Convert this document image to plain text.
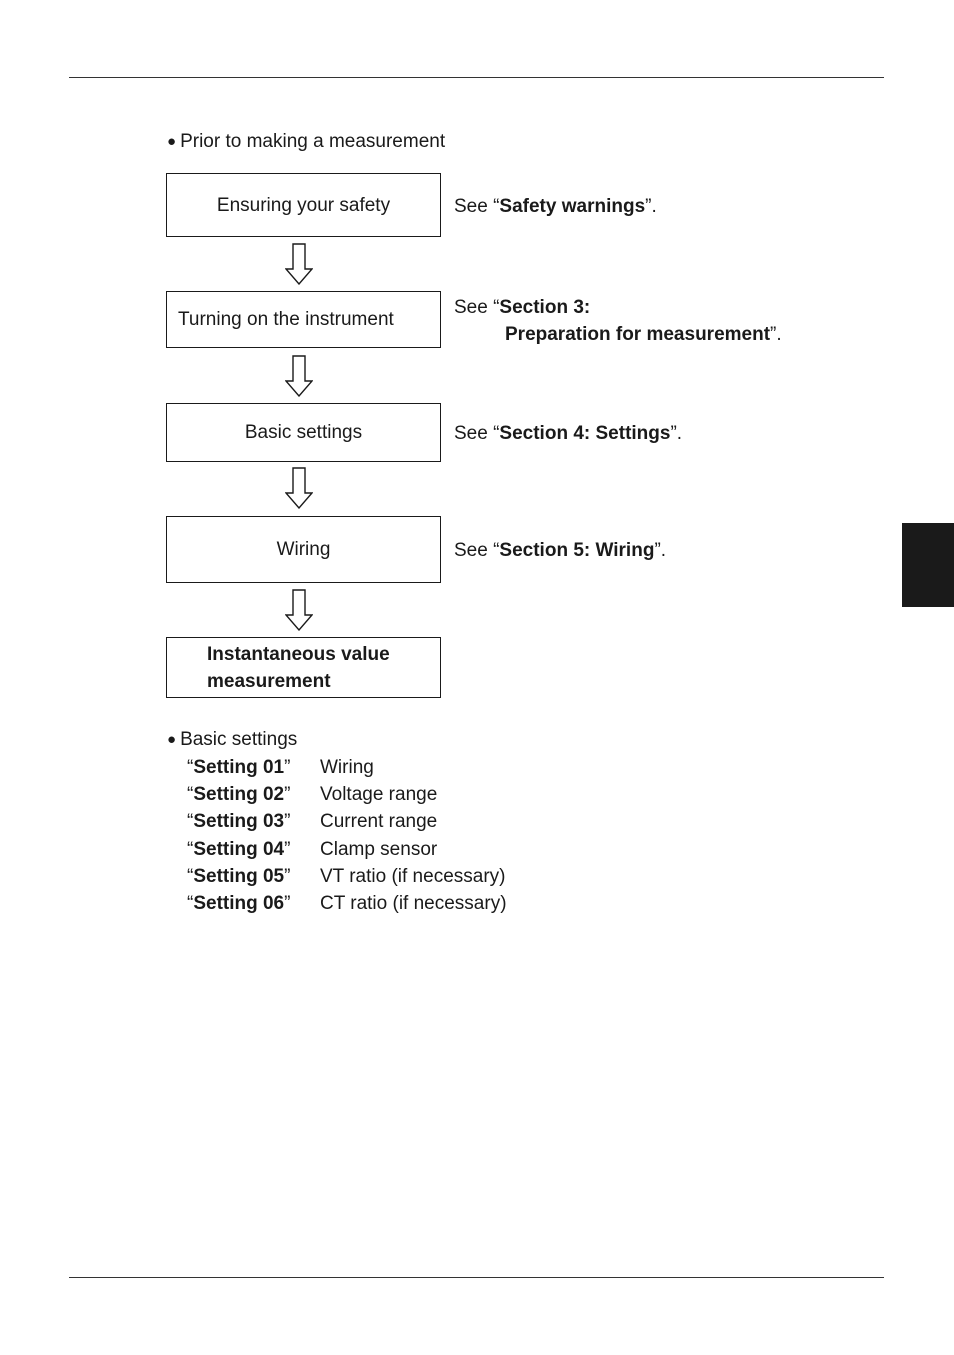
● Prior to making a measurement
Ensuring your safety	See “Safety warnings”.
Turning on the instrument
See “Section 3:
Preparation for measurement”.
Basic settings	See “Section 4: Settings”.
Wiring	See “Section 5: Wiring”.
Instantaneous value
measurement
● Basic settings
“Setting 01”	Wiring
“Setting 02”	Voltage range
“Setting 03”	Current range
“Setting 04”	Clamp sensor
“Setting 05”	VT ratio (if necessary)
“Setting 06”	CT ratio (if necessary)
